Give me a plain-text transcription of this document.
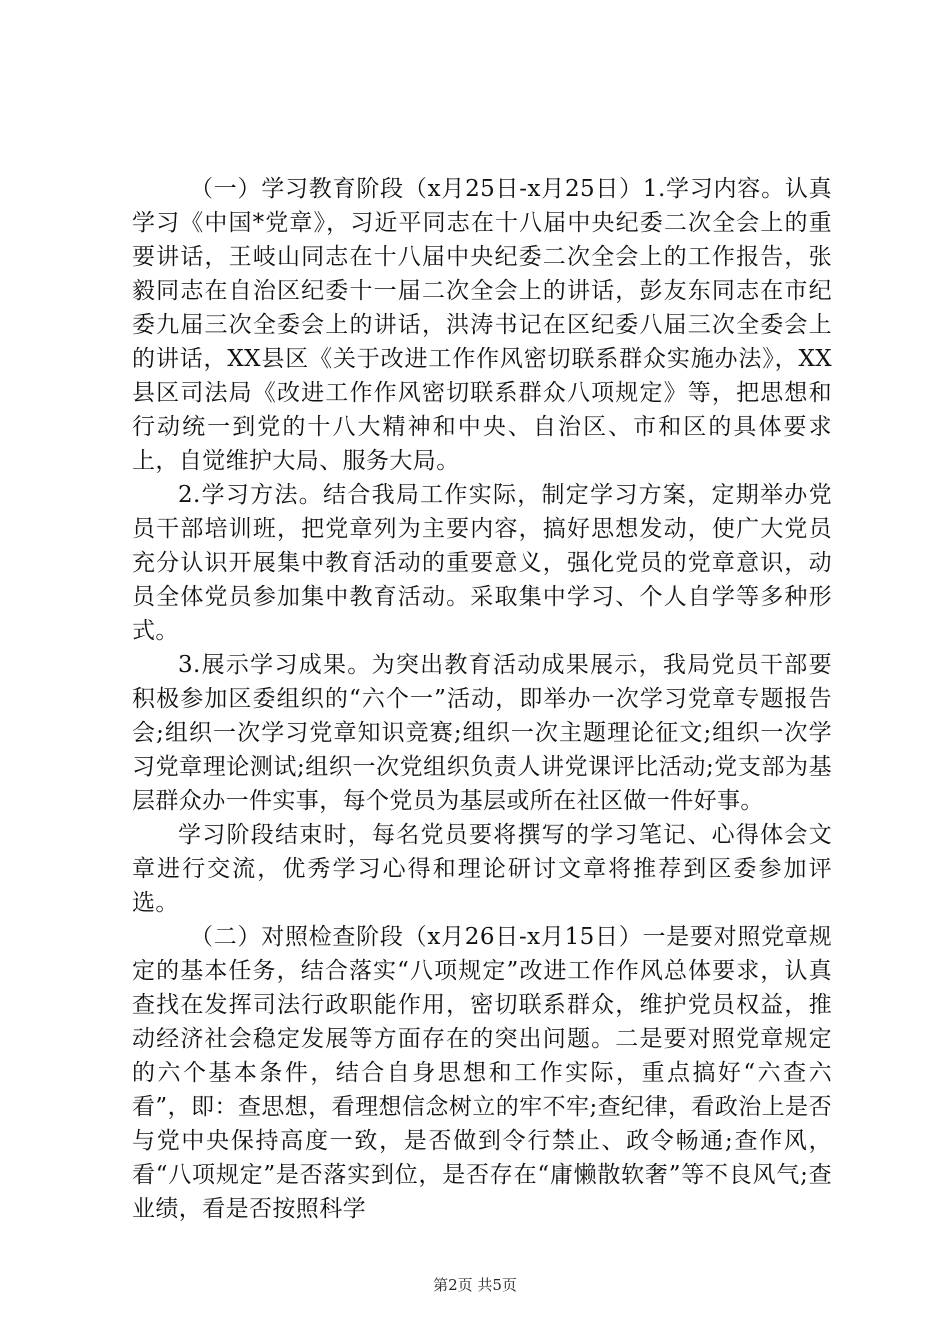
（一）学习教育阶段（x月25日-x月25日）1.学习内容。认真学习《中国*党章》，习近平同志在十八届中央纪委二次全会上的重要讲话，王岐山同志在十八届中央纪委二次全会上的工作报告，张毅同志在自治区纪委十一届二次全会上的讲话，彭友东同志在市纪委九届三次全委会上的讲话，洪涛书记在区纪委八届三次全委会上的讲话，XX县区《关于改进工作作风密切联系群众实施办法》，XX县区司法局《改进工作作风密切联系群众八项规定》等，把思想和行动统一到党的十八大精神和中央、自治区、市和区的具体要求上，自觉维护大局、服务大局。

2.学习方法。结合我局工作实际，制定学习方案，定期举办党员干部培训班，把党章列为主要内容，搞好思想发动，使广大党员充分认识开展集中教育活动的重要意义，强化党员的党章意识，动员全体党员参加集中教育活动。采取集中学习、个人自学等多种形式。

3.展示学习成果。为突出教育活动成果展示，我局党员干部要积极参加区委组织的“六个一”活动，即举办一次学习党章专题报告会;组织一次学习党章知识竞赛;组织一次主题理论征文;组织一次学习党章理论测试;组织一次党组织负责人讲党课评比活动;党支部为基层群众办一件实事，每个党员为基层或所在社区做一件好事。

学习阶段结束时，每名党员要将撰写的学习笔记、心得体会文章进行交流，优秀学习心得和理论研讨文章将推荐到区委参加评选。

（二）对照检查阶段（x月26日-x月15日）一是要对照党章规定的基本任务，结合落实“八项规定”改进工作作风总体要求，认真查找在发挥司法行政职能作用，密切联系群众，维护党员权益，推动经济社会稳定发展等方面存在的突出问题。二是要对照党章规定的六个基本条件，结合自身思想和工作实际，重点搞好“六查六看”，即：查思想，看理想信念树立的牢不牢;查纪律，看政治上是否与党中央保持高度一致，是否做到令行禁止、政令畅通;查作风，看“八项规定”是否落实到位，是否存在“庸懒散软奢”等不良风气;查业绩，看是否按照科学

第2页 共5页
